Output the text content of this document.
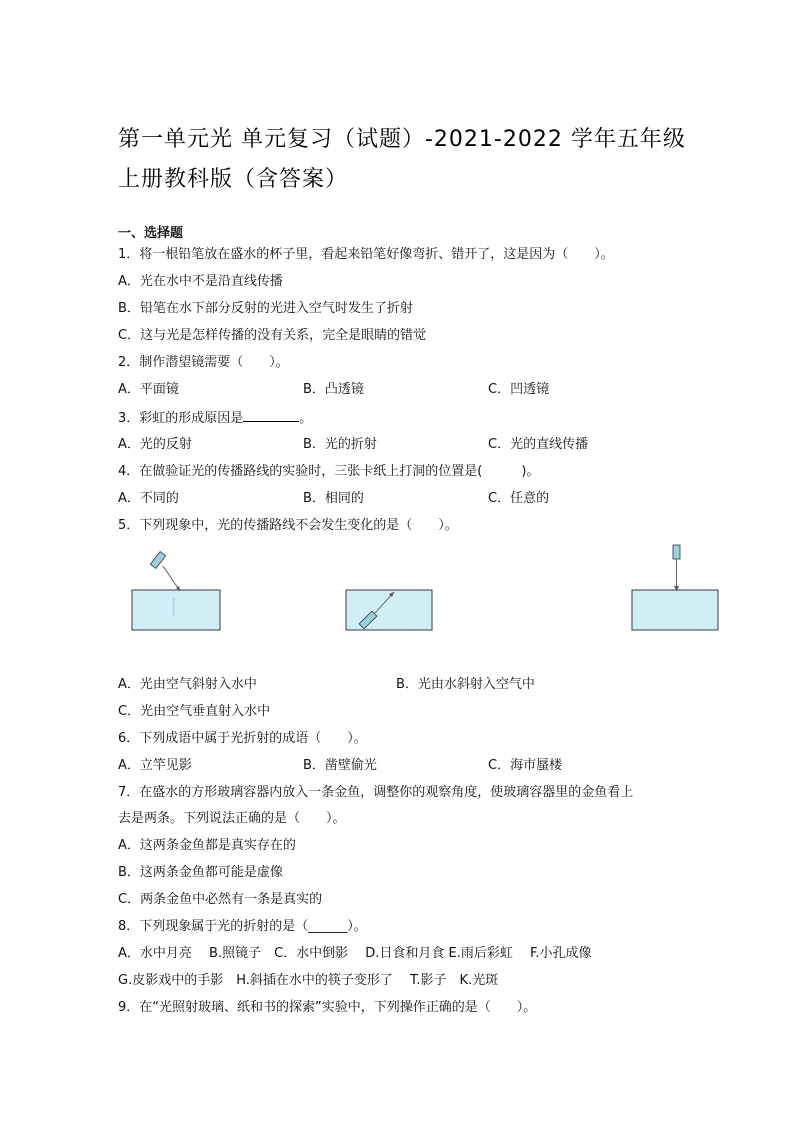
第一单元光 单元复习（试题）-2021-2022 学年五年级
上册教科版（含答案）
一、选择题
1．将一根铅笔放在盛水的杯子里，看起来铅笔好像弯折、错开了，这是因为（　　）。
A．光在水中不是沿直线传播
B．铅笔在水下部分反射的光进入空气时发生了折射
C．这与光是怎样传播的没有关系，完全是眼睛的错觉
2．制作潜望镜需要（　　）。
A．平面镜	B．凸透镜	C．凹透镜
3．彩虹的形成原因是	。
A．光的反射	B．光的折射	C．光的直线传播
4．在做验证光的传播路线的实验时，三张卡纸上打洞的位置是(　　　)。
A．不同的	B．相同的	C．任意的
5．下列现象中，光的传播路线不会发生变化的是（　　）。
A．光由空气斜射入水中	B．光由水斜射入空气中
C．光由空气垂直射入水中
6．下列成语中属于光折射的成语（　　）。
A．立竿见影	B．凿壁偷光	C．海市蜃楼
7．在盛水的方形玻璃容器内放入一条金鱼，调整你的观察角度，使玻璃容器里的金鱼看上
去是两条。下列说法正确的是（　　）。
A．这两条金鱼都是真实存在的
B．这两条金鱼都可能是虚像
C．两条金鱼中必然有一条是真实的
8．下列现象属于光的折射的是（______）。
A．水中月亮　 B.照镜子　C．水中倒影　 D.日食和月食 E.雨后彩虹　 F.小孔成像
G.皮影戏中的手影　H.斜插在水中的筷子变形了　 T.影子　K.光斑
9．在“光照射玻璃、纸和书的探索”实验中，下列操作正确的是（　　）。
